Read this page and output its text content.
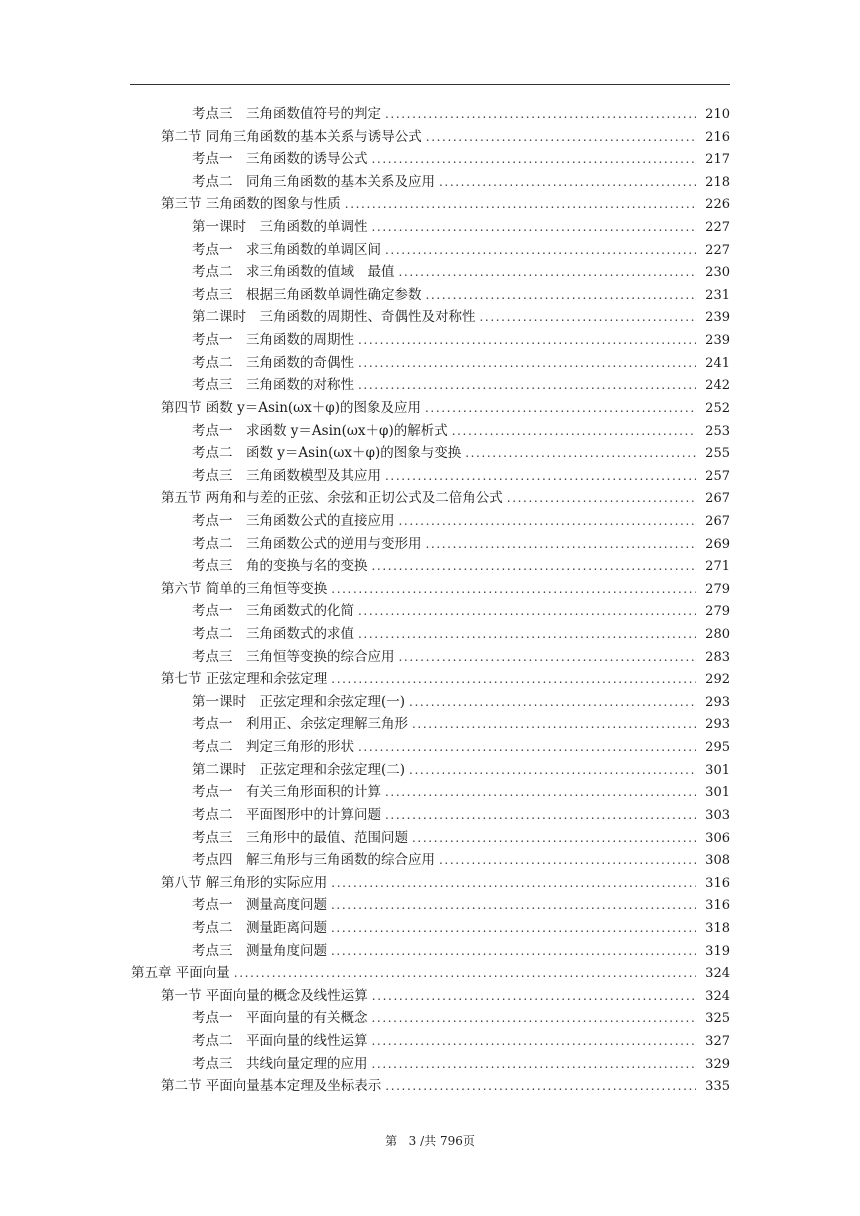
考点三　三角函数值符号的判定 .....	210
第二节 同角三角函数的基本关系与诱导公式 .....	216
考点一　三角函数的诱导公式 .....	217
考点二　同角三角函数的基本关系及应用 .....	218
第三节 三角函数的图象与性质 .....	226
第一课时　三角函数的单调性 .....	227
考点一　求三角函数的单调区间 .....	227
考点二　求三角函数的值域　最值 .....	230
考点三　根据三角函数单调性确定参数 .....	231
第二课时　三角函数的周期性、奇偶性及对称性 .....	239
考点一　三角函数的周期性 .....	239
考点二　三角函数的奇偶性 .....	241
考点三　三角函数的对称性 .....	242
第四节 函数 y＝Asin(ωx＋φ)的图象及应用 .....	252
考点一　求函数 y＝Asin(ωx＋φ)的解析式 .....	253
考点二　函数 y＝Asin(ωx＋φ)的图象与变换 .....	255
考点三　三角函数模型及其应用 .....	257
第五节 两角和与差的正弦、余弦和正切公式及二倍角公式 .....	267
考点一　三角函数公式的直接应用 .....	267
考点二　三角函数公式的逆用与变形用 .....	269
考点三　角的变换与名的变换 .....	271
第六节 简单的三角恒等变换 .....	279
考点一　三角函数式的化简 .....	279
考点二　三角函数式的求值 .....	280
考点三　三角恒等变换的综合应用 .....	283
第七节 正弦定理和余弦定理 .....	292
第一课时　正弦定理和余弦定理(一) .....	293
考点一　利用正、余弦定理解三角形 .....	293
考点二　判定三角形的形状 .....	295
第二课时　正弦定理和余弦定理(二) .....	301
考点一　有关三角形面积的计算 .....	301
考点二　平面图形中的计算问题 .....	303
考点三　三角形中的最值、范围问题 .....	306
考点四　解三角形与三角函数的综合应用 .....	308
第八节 解三角形的实际应用 .....	316
考点一　测量高度问题 .....	316
考点二　测量距离问题 .....	318
考点三　测量角度问题 .....	319
第五章 平面向量 .....	324
第一节 平面向量的概念及线性运算 .....	324
考点一　平面向量的有关概念 .....	325
考点二　平面向量的线性运算 .....	327
考点三　共线向量定理的应用 .....	329
第二节 平面向量基本定理及坐标表示 .....	335
第 3 /共 796页
